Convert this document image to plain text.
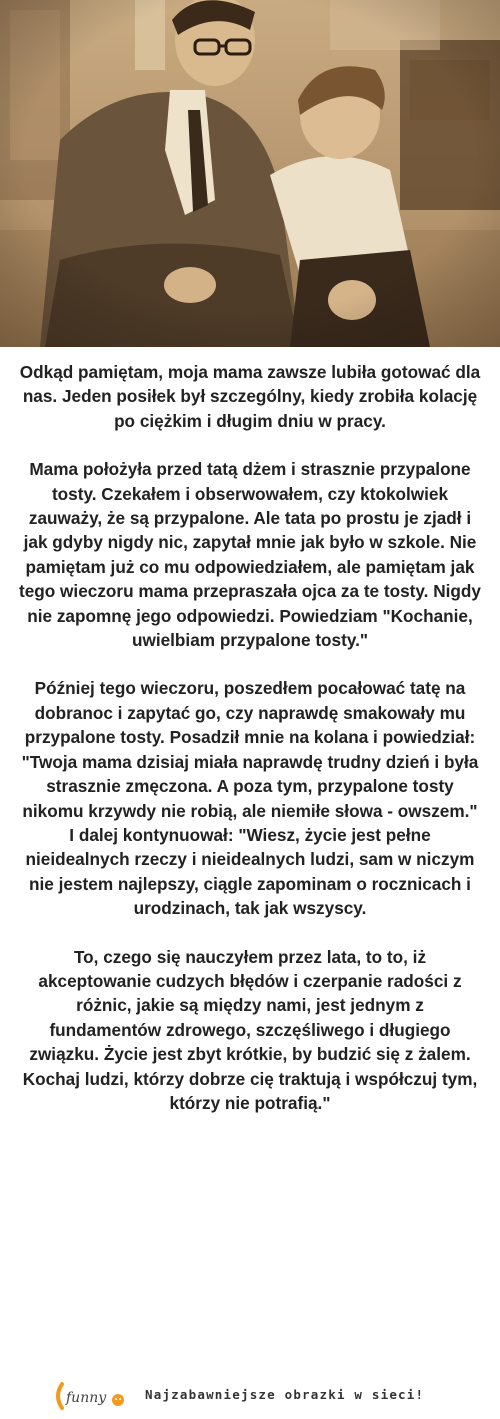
Odkąd pamiętam, moja mama zawsze lubiła gotować dla nas. Jeden posiłek był szczególny, kiedy zrobiła kolację po ciężkim i długim dniu w pracy.

Mama położyła przed tatą dżem i strasznie przypalone tosty. Czekałem i obserwowałem, czy ktokolwiek zauważy, że są przypalone. Ale tata po prostu je zjadł i jak gdyby nigdy nic, zapytał mnie jak było w szkole. Nie pamiętam już co mu odpowiedziałem, ale pamiętam jak tego wieczoru mama przepraszała ojca za te tosty. Nigdy nie zapomnę jego odpowiedzi. Powiedziam "Kochanie, uwielbiam przypalone tosty."

Później tego wieczoru, poszedłem pocałować tatę na dobranoc i zapytać go, czy naprawdę smakowały mu przypalone tosty. Posadził mnie na kolana i powiedział: "Twoja mama dzisiaj miała naprawdę trudny dzień i była strasznie zmęczona. A poza tym, przypalone tosty nikomu krzywdy nie robią, ale niemiłe słowa - owszem." I dalej kontynuował: "Wiesz, życie jest pełne nieidealnych rzeczy i nieidealnych ludzi, sam w niczym nie jestem najlepszy, ciągle zapominam o rocznicach i urodzinach, tak jak wszyscy.

To, czego się nauczyłem przez lata, to to, iż akceptowanie cudzych błędów i czerpanie radości z różnic, jakie są między nami, jest jednym z fundamentów zdrowego, szczęśliwego i długiego związku. Życie jest zbyt krótkie, by budzić się z żalem. Kochaj ludzi, którzy dobrze cię traktują i współczuj tym, którzy nie potrafią."

funny	Najzabawniejsze obrazki w sieci!
